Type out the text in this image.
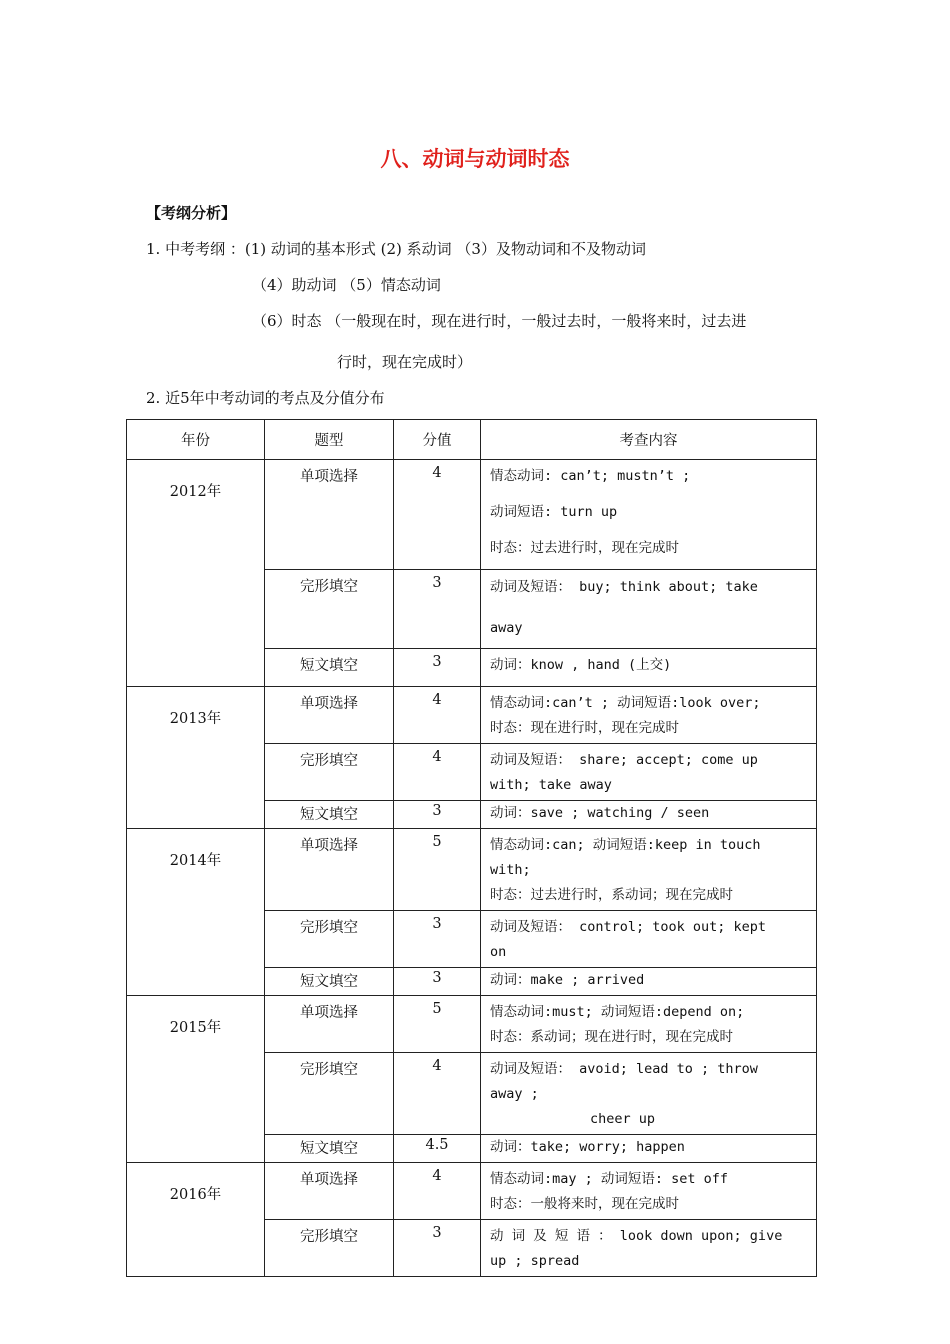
八、动词与动词时态
【考纲分析】
1. 中考考纲 ：(1) 动词的基本形式 (2) 系动词 （3）及物动词和不及物动词
（4）助动词 （5）情态动词
（6）时态 （一般现在时，现在进行时，一般过去时，一般将来时，过去进
行时，现在完成时）
2. 近5年中考动词的考点及分值分布
年份	题型	分值	考查内容

2012年	单项选择	4	情态动词: can’t; mustn’t ;

动词短语: turn up

时态：过去进行时，现在完成时

	完形填空	3	动词及短语： buy; think about; take

away

	短文填空	3	动词：know , hand (上交)

2013年	单项选择	4	情态动词:can’t ; 动词短语:look over;
时态：现在进行时，现在完成时

	完形填空	4	动词及短语： share; accept; come up
with; take away

	短文填空	3	动词：save ; watching / seen

2014年	单项选择	5	情态动词:can; 动词短语:keep in touch
with;
时态：过去进行时，系动词；现在完成时

	完形填空	3	动词及短语： control; took out; kept
on

	短文填空	3	动词：make ; arrived

2015年	单项选择	5	情态动词:must; 动词短语:depend on;
时态：系动词；现在进行时，现在完成时

	完形填空	4	动词及短语： avoid; lead to ; throw
away ;
cheer up

	短文填空	4.5	动词：take; worry; happen

2016年	单项选择	4	情态动词:may ; 动词短语: set off
时态：一般将来时，现在完成时

	完形填空	3	动 词 及 短 语 ： look down upon; give
up ; spread
